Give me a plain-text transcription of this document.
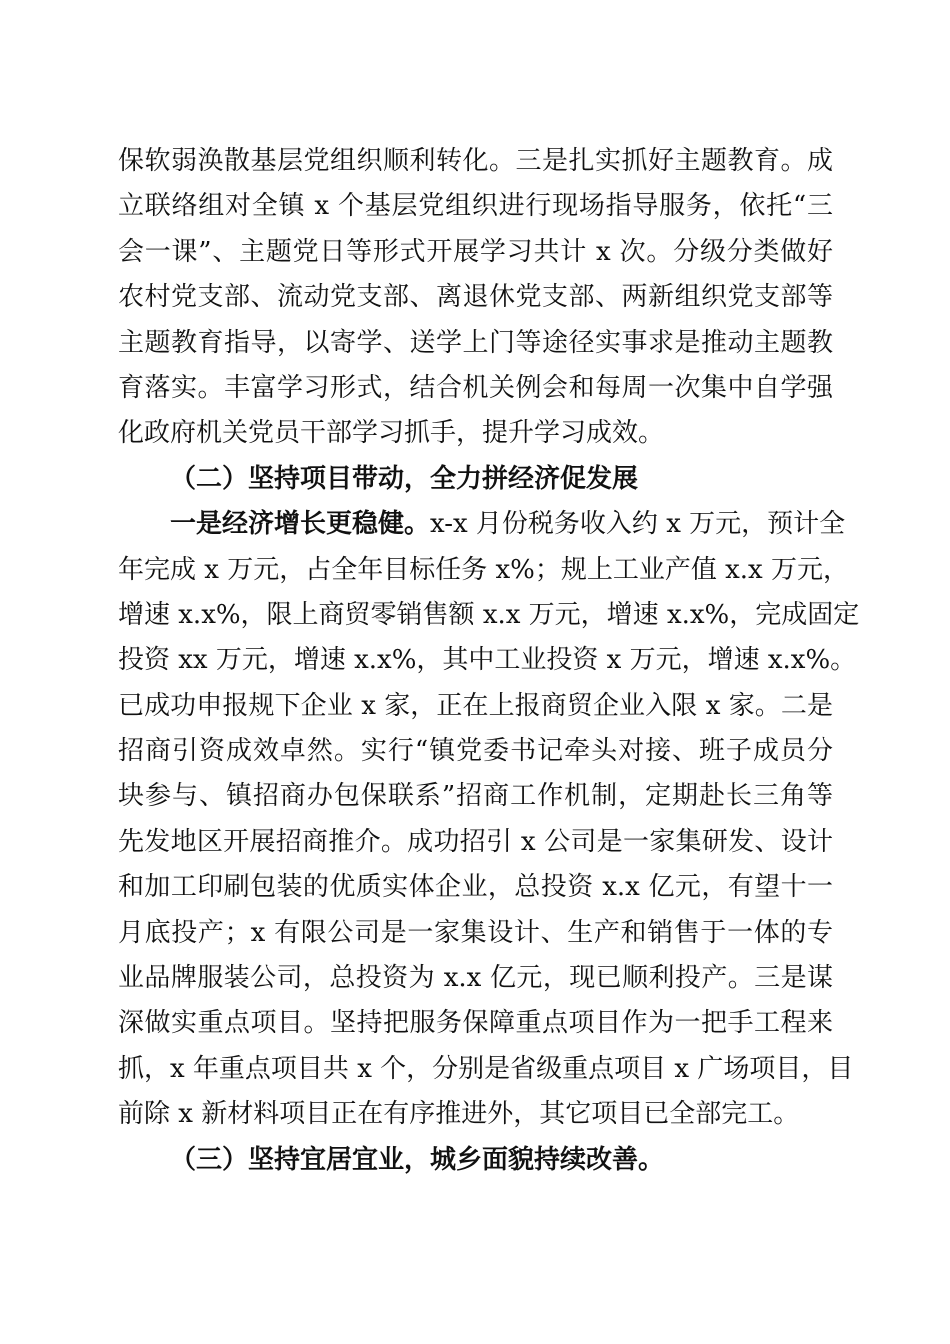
保软弱涣散基层党组织顺利转化。三是扎实抓好主题教育。成
立联络组对全镇 x 个基层党组织进行现场指导服务，依托“三
会一课”、主题党日等形式开展学习共计 x 次。分级分类做好
农村党支部、流动党支部、离退休党支部、两新组织党支部等
主题教育指导，以寄学、送学上门等途径实事求是推动主题教
育落实。丰富学习形式，结合机关例会和每周一次集中自学强
化政府机关党员干部学习抓手，提升学习成效。
（二）坚持项目带动，全力拼经济促发展
一是经济增长更稳健。x-x 月份税务收入约 x 万元，预计全
年完成 x 万元，占全年目标任务 x%；规上工业产值 x.x 万元，
增速 x.x%，限上商贸零销售额 x.x 万元，增速 x.x%，完成固定
投资 xx 万元，增速 x.x%，其中工业投资 x 万元，增速 x.x%。
已成功申报规下企业 x 家，正在上报商贸企业入限 x 家。二是
招商引资成效卓然。实行“镇党委书记牵头对接、班子成员分
块参与、镇招商办包保联系”招商工作机制，定期赴长三角等
先发地区开展招商推介。成功招引 x 公司是一家集研发、设计
和加工印刷包装的优质实体企业，总投资 x.x 亿元，有望十一
月底投产；x 有限公司是一家集设计、生产和销售于一体的专
业品牌服装公司，总投资为 x.x 亿元，现已顺利投产。三是谋
深做实重点项目。坚持把服务保障重点项目作为一把手工程来
抓，x 年重点项目共 x 个，分别是省级重点项目 x 广场项目，目
前除 x 新材料项目正在有序推进外，其它项目已全部完工。
（三）坚持宜居宜业，城乡面貌持续改善。
